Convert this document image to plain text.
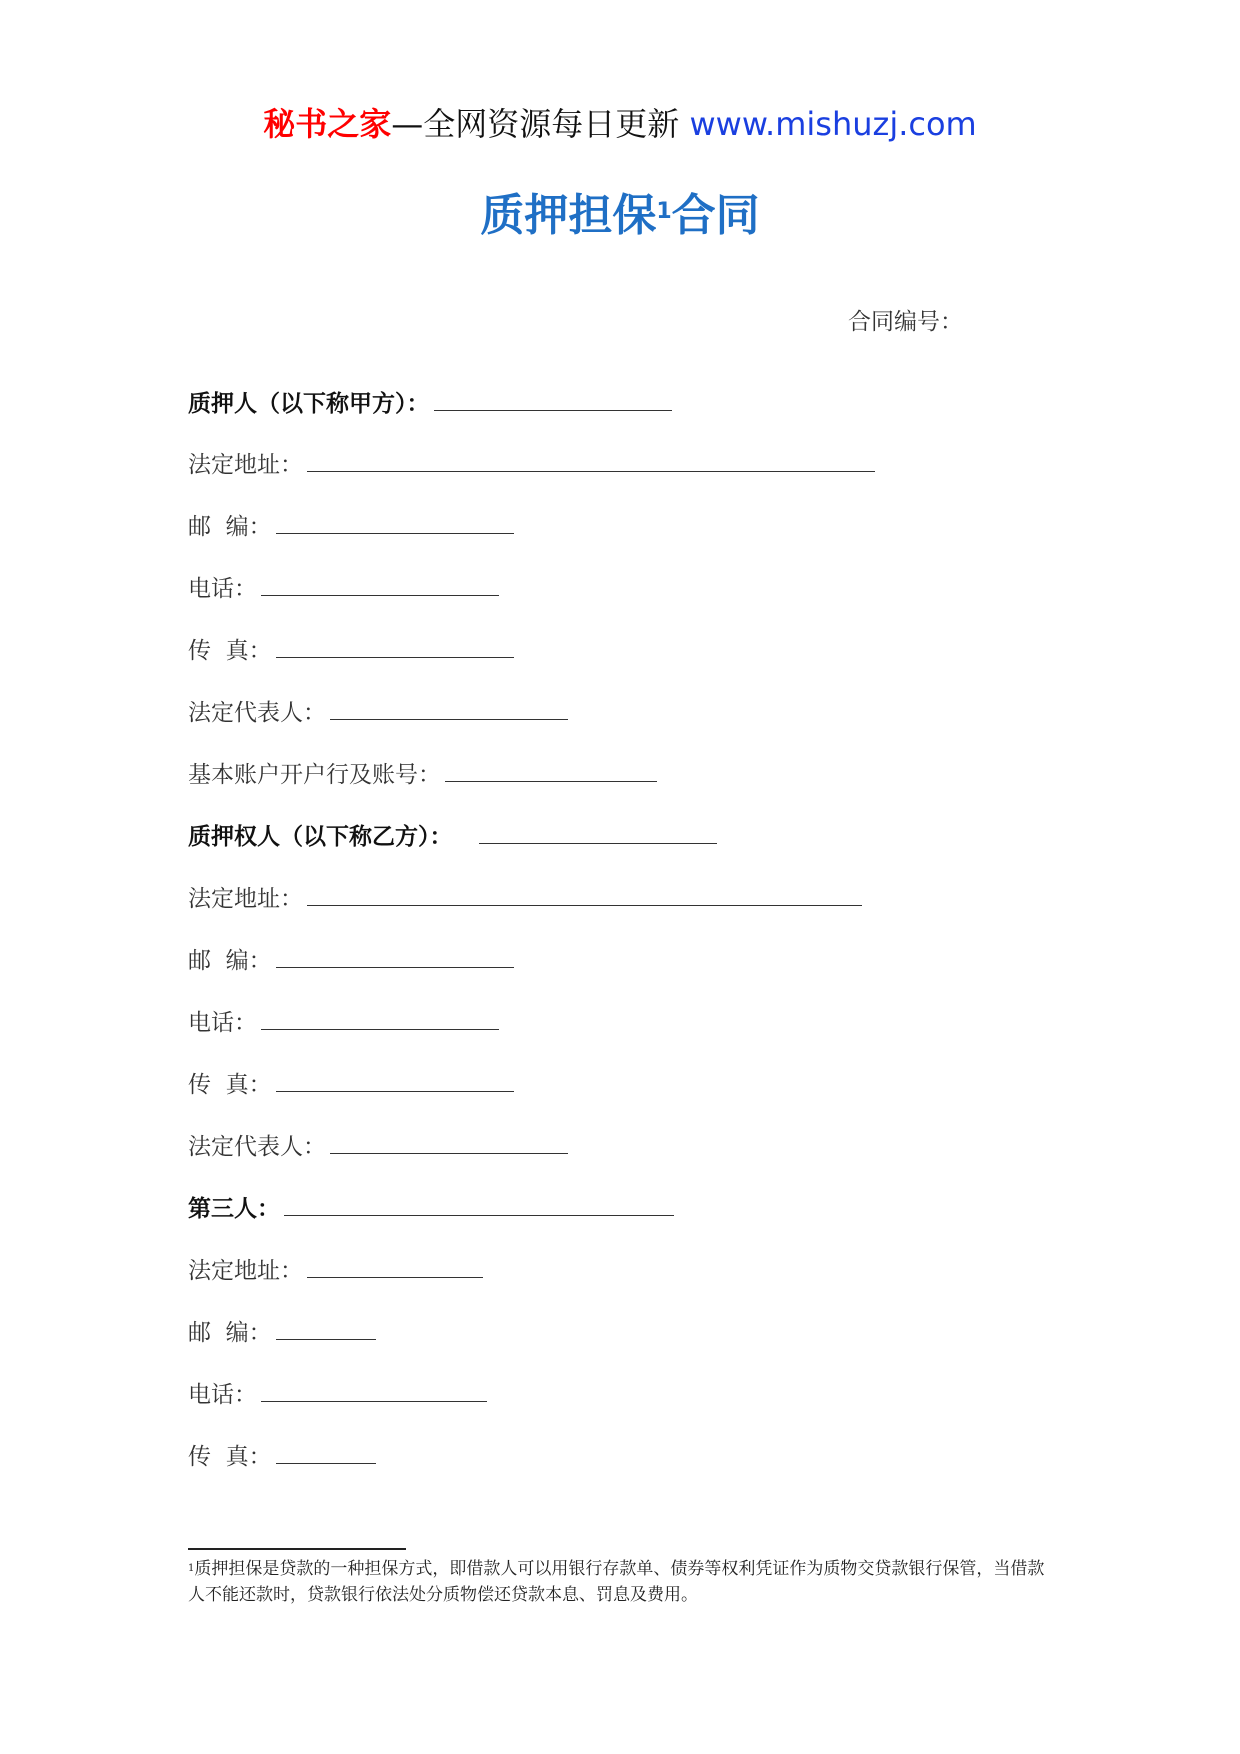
秘书之家—全网资源每日更新 www.mishuzj.com
质押担保$^1$合同
合同编号：
质押人（以下称甲方）：
法定地址：
邮  编：
电话：
传  真：
法定代表人：
基本账户开户行及账号：
质押权人（以下称乙方）：
法定地址：
邮  编：
电话：
传  真：
法定代表人：
第三人：
法定地址：
邮  编：
电话：
传  真：
$^1$质押担保是贷款的一种担保方式，即借款人可以用银行存款单、债券等权利凭证作为质物交贷款银行保管，当借款人不能还款时，贷款银行依法处分质物偿还贷款本息、罚息及费用。
